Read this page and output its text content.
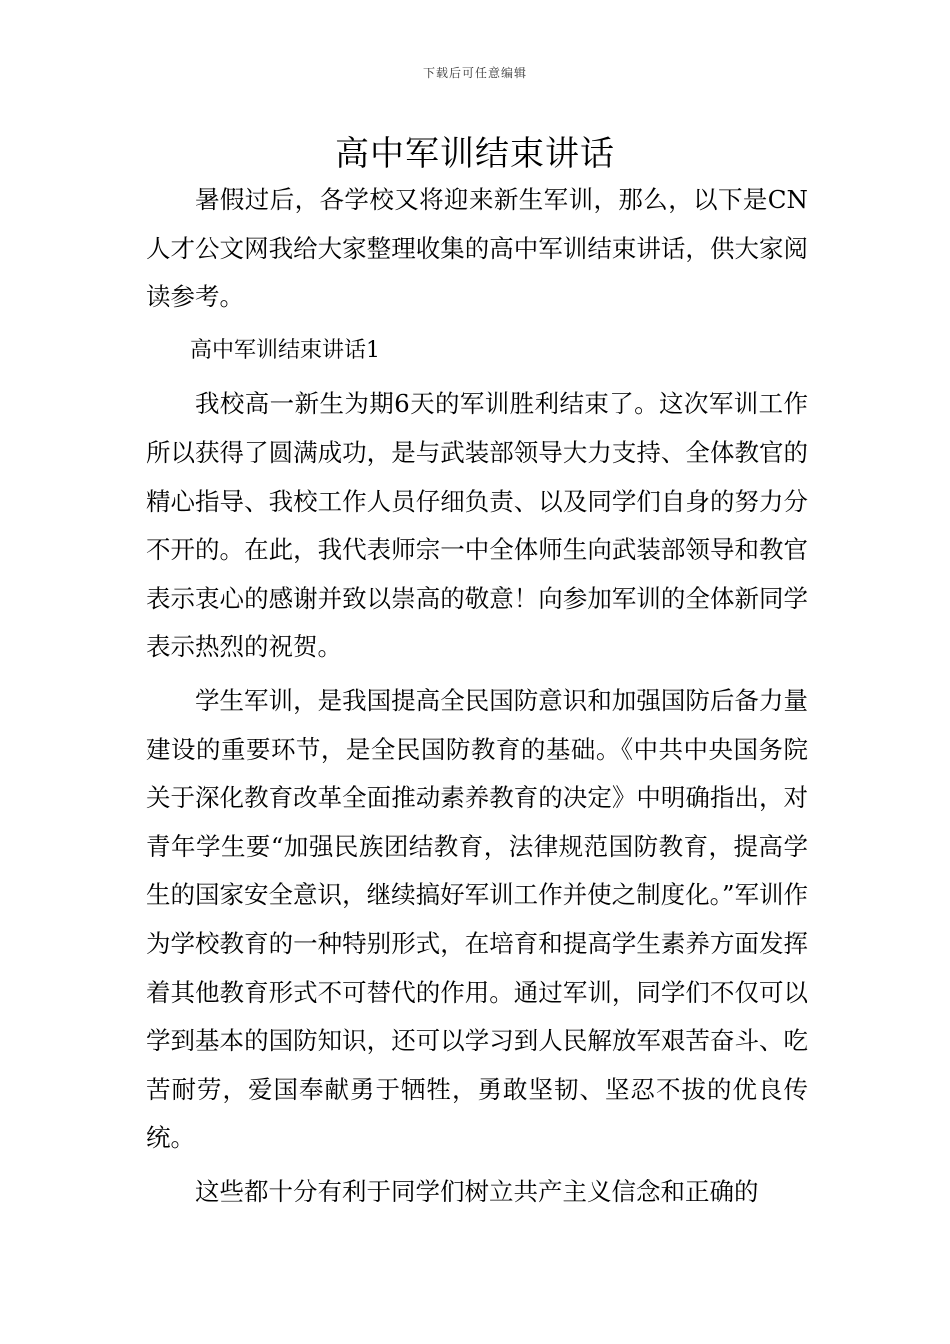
下载后可任意编辑
高中军训结束讲话

暑假过后，各学校又将迎来新生军训，那么，以下是CN人才公文网我给大家整理收集的高中军训结束讲话，供大家阅读参考。

高中军训结束讲话1

我校高一新生为期6天的军训胜利结束了。这次军训工作所以获得了圆满成功，是与武装部领导大力支持、全体教官的精心指导、我校工作人员仔细负责、以及同学们自身的努力分不开的。在此，我代表师宗一中全体师生向武装部领导和教官表示衷心的感谢并致以崇高的敬意！向参加军训的全体新同学表示热烈的祝贺。

学生军训，是我国提高全民国防意识和加强国防后备力量建设的重要环节，是全民国防教育的基础。《中共中央国务院关于深化教育改革全面推动素养教育的决定》中明确指出，对青年学生要“加强民族团结教育，法律规范国防教育，提高学生的国家安全意识，继续搞好军训工作并使之制度化。”军训作为学校教育的一种特别形式，在培育和提高学生素养方面发挥着其他教育形式不可替代的作用。通过军训，同学们不仅可以学到基本的国防知识，还可以学习到人民解放军艰苦奋斗、吃苦耐劳，爱国奉献勇于牺牲，勇敢坚韧、坚忍不拔的优良传统。

这些都十分有利于同学们树立共产主义信念和正确的
